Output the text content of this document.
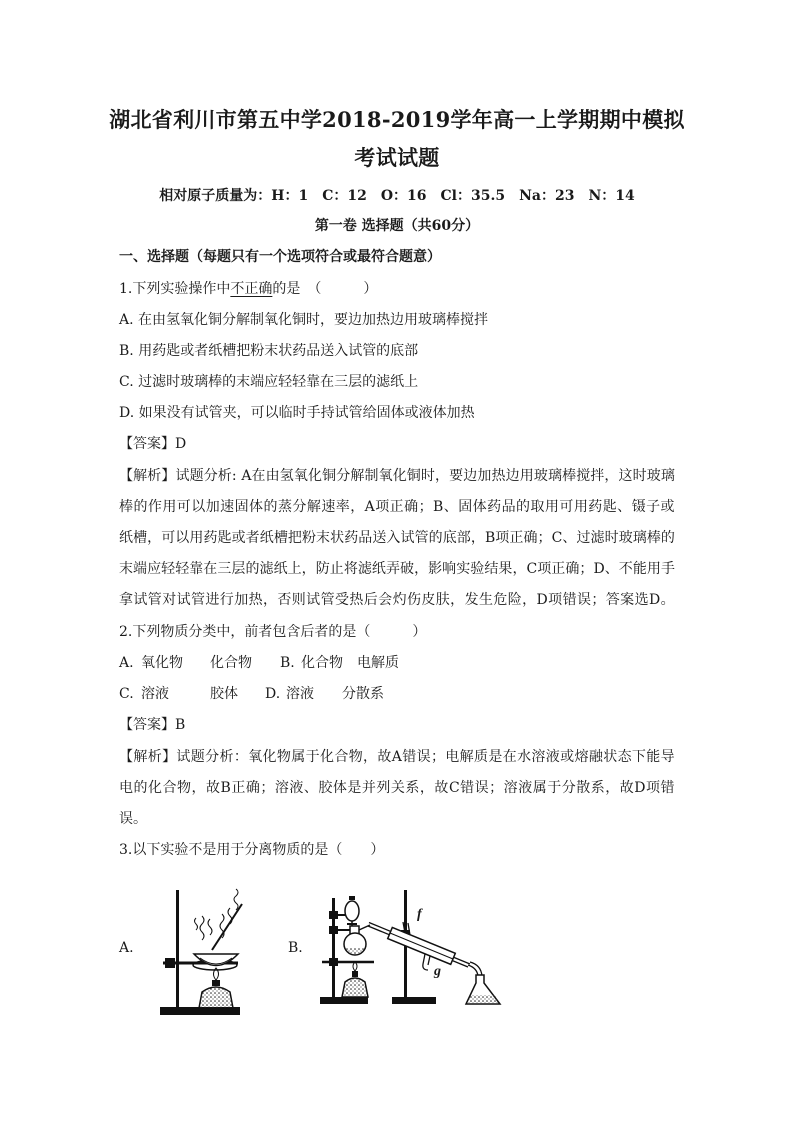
湖北省利川市第五中学2018-2019学年高一上学期期中模拟
考试试题
相对原子质量为：H：1　C：12　O：16　Cl：35.5　Na：23　N：14
第一卷 选择题（共60分）
一、选择题（每题只有一个选项符合或最符合题意）
1.下列实验操作中不正确的是　（　　　）
A. 在由氢氧化铜分解制氧化铜时，要边加热边用玻璃棒搅拌
B. 用药匙或者纸槽把粉末状药品送入试管的底部
C. 过滤时玻璃棒的末端应轻轻靠在三层的滤纸上
D. 如果没有试管夹，可以临时手持试管给固体或液体加热
【答案】D
【解析】试题分析: A在由氢氧化铜分解制氧化铜时，要边加热边用玻璃棒搅拌，这时玻璃
棒的作用可以加速固体的蒸分解速率，A项正确；B、固体药品的取用可用药匙、镊子或
纸槽，可以用药匙或者纸槽把粉末状药品送入试管的底部，B项正确；C、过滤时玻璃棒的
末端应轻轻靠在三层的滤纸上，防止将滤纸弄破，影响实验结果，C项正确；D、不能用手
拿试管对试管进行加热，否则试管受热后会灼伤皮肤，发生危险，D项错误；答案选D。
2.下列物质分类中，前者包含后者的是（　　　）
A. 氧化物 化合物 B. 化合物 电解质
C. 溶液	胶体 D. 溶液 分散系
【答案】B
【解析】试题分析：氧化物属于化合物，故A错误；电解质是在水溶液或熔融状态下能导
电的化合物，故B正确；溶液、胶体是并列关系，故C错误；溶液属于分散系，故D项错
误。
3.以下实验不是用于分离物质的是（　　）
A.	B.
f
g
